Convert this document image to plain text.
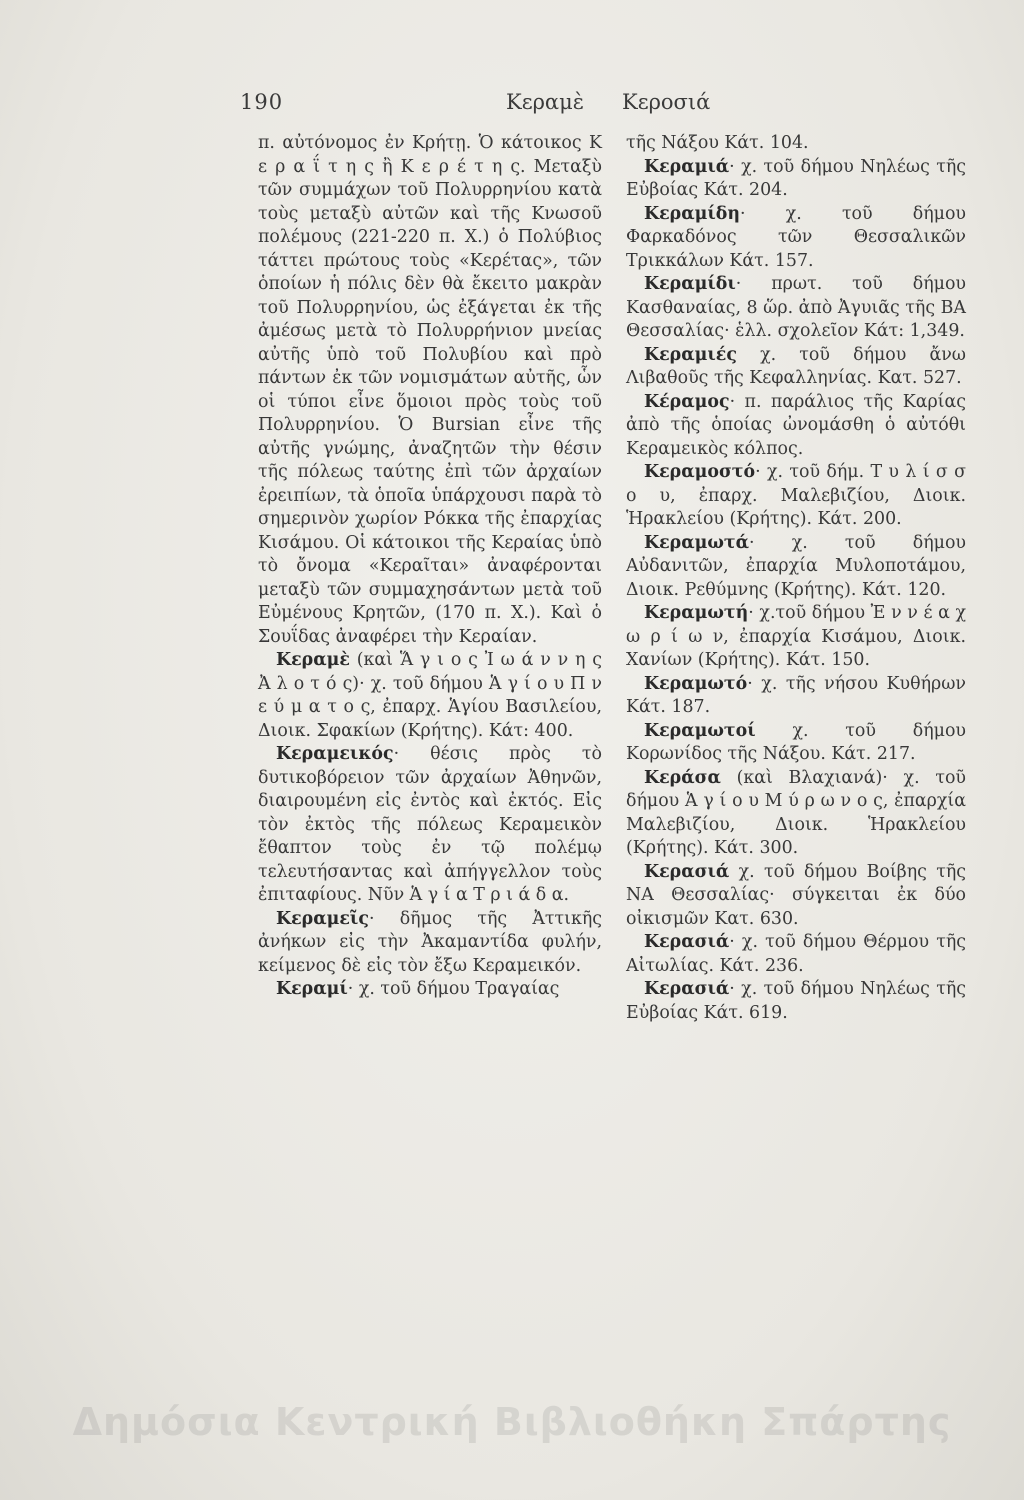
190	Κεραμὲ Κεροσιά

π. αὐτόνομος ἐν Κρήτῃ. Ὁ κάτοικος Κ ε ρ α ΐ τ η ς ἢ Κ ε ρ έ τ η ς. Μεταξὺ τῶν συμμάχων τοῦ Πολυρρηνίου κατὰ τοὺς μεταξὺ αὐτῶν καὶ τῆς Κνωσοῦ πολέμους (221-220 π. Χ.) ὁ Πολύβιος τάττει πρώτους τοὺς «Κερέτας», τῶν ὁποίων ἡ πόλις δὲν θὰ ἔκειτο μακρὰν τοῦ Πολυρρηνίου, ὡς ἐξάγεται ἐκ τῆς ἀμέσως μετὰ τὸ Πολυρρήνιον μνείας αὐτῆς ὑπὸ τοῦ Πολυβίου καὶ πρὸ πάντων ἐκ τῶν νομισμάτων αὐτῆς, ὧν οἱ τύποι εἶνε ὅμοιοι πρὸς τοὺς τοῦ Πολυρρηνίου. Ὁ Bursian εἶνε τῆς αὐτῆς γνώμης, ἀναζητῶν τὴν θέσιν τῆς πόλεως ταύτης ἐπὶ τῶν ἀρχαίων ἐρειπίων, τὰ ὁποῖα ὑπάρχουσι παρὰ τὸ σημερινὸν χωρίον Ρόκκα τῆς ἐπαρχίας Κισάμου. Οἱ κάτοικοι τῆς Κεραίας ὑπὸ τὸ ὄνομα «Κεραῖται» ἀναφέρονται μεταξὺ τῶν συμμαχησάντων μετὰ τοῦ Εὐμένους Κρητῶν, (170 π. Χ.). Καὶ ὁ Σουΐδας ἀναφέρει τὴν Κεραίαν.

Κεραμὲ (καὶ Ἅ γ ι ο ς Ἰ ω ά ν ν η ς Ἀ λ ο τ ό ς)· χ. τοῦ δήμου Ἁ γ ί ο υ Π ν ε ύ μ α τ ο ς, ἐπαρχ. Ἁγίου Βασιλείου, Διοικ. Σφακίων (Κρήτης). Κάτ: 400.

Κεραμεικός· θέσις πρὸς τὸ δυτικοβόρειον τῶν ἀρχαίων Ἀθηνῶν, διαιρουμένη εἰς ἐντὸς καὶ ἐκτός. Εἰς τὸν ἐκτὸς τῆς πόλεως Κεραμεικὸν ἔθαπτον τοὺς ἐν τῷ πολέμῳ τελευτήσαντας καὶ ἀπήγγελλον τοὺς ἐπιταφίους. Νῦν Ἁ γ ί α Τ ρ ι ά δ α.

Κεραμεῖς· δῆμος τῆς Ἀττικῆς ἀνήκων εἰς τὴν Ἀκαμαντίδα φυλήν, κείμενος δὲ εἰς τὸν ἔξω Κεραμεικόν.

Κεραμί· χ. τοῦ δήμου Τραγαίας

τῆς Νάξου Κάτ. 104.

Κεραμιά· χ. τοῦ δήμου Νηλέως τῆς Εὐβοίας Κάτ. 204.

Κεραμίδη· χ. τοῦ δήμου Φαρκαδόνος τῶν Θεσσαλικῶν Τρικκάλων Κάτ. 157.

Κεραμίδι· πρωτ. τοῦ δήμου Κασθαναίας, 8 ὥρ. ἀπὸ Ἀγυιᾶς τῆς ΒΑ Θεσσαλίας· ἑλλ. σχολεῖον Κάτ: 1,349.

Κεραμιές χ. τοῦ δήμου ἄνω Λιβαθοῦς τῆς Κεφαλληνίας. Κατ. 527.

Κέραμος· π. παράλιος τῆς Καρίας ἀπὸ τῆς ὁποίας ὠνομάσθη ὁ αὐτόθι Κεραμεικὸς κόλπος.

Κεραμοστό· χ. τοῦ δήμ. Τ υ λ ί σ σ ο υ, ἐπαρχ. Μαλεβιζίου, Διοικ. Ἡρακλείου (Κρήτης). Κάτ. 200.

Κεραμωτά· χ. τοῦ δήμου Αὐδανιτῶν, ἐπαρχία Μυλοποτάμου, Διοικ. Ρεθύμνης (Κρήτης). Κάτ. 120.

Κεραμωτή· χ.τοῦ δήμου Ἐ ν ν έ α χ ω ρ ί ω ν, ἐπαρχία Κισάμου, Διοικ. Χανίων (Κρήτης). Κάτ. 150.

Κεραμωτό· χ. τῆς νήσου Κυθήρων Κάτ. 187.

Κεραμωτοί χ. τοῦ δήμου Κορωνίδος τῆς Νάξου. Κάτ. 217.

Κεράσα (καὶ Βλαχιανά)· χ. τοῦ δήμου Ἁ γ ί ο υ Μ ύ ρ ω ν ο ς, ἐπαρχία Μαλεβιζίου, Διοικ. Ἡρακλείου (Κρήτης). Κάτ. 300.

Κερασιά χ. τοῦ δήμου Βοίβης τῆς ΝΑ Θεσσαλίας· σύγκειται ἐκ δύο οἰκισμῶν Κατ. 630.

Κερασιά· χ. τοῦ δήμου Θέρμου τῆς Αἰτωλίας. Κάτ. 236.

Κερασιά· χ. τοῦ δήμου Νηλέως τῆς Εὐβοίας Κάτ. 619.

Δημόσια Κεντρική Βιβλιοθήκη Σπάρτης
